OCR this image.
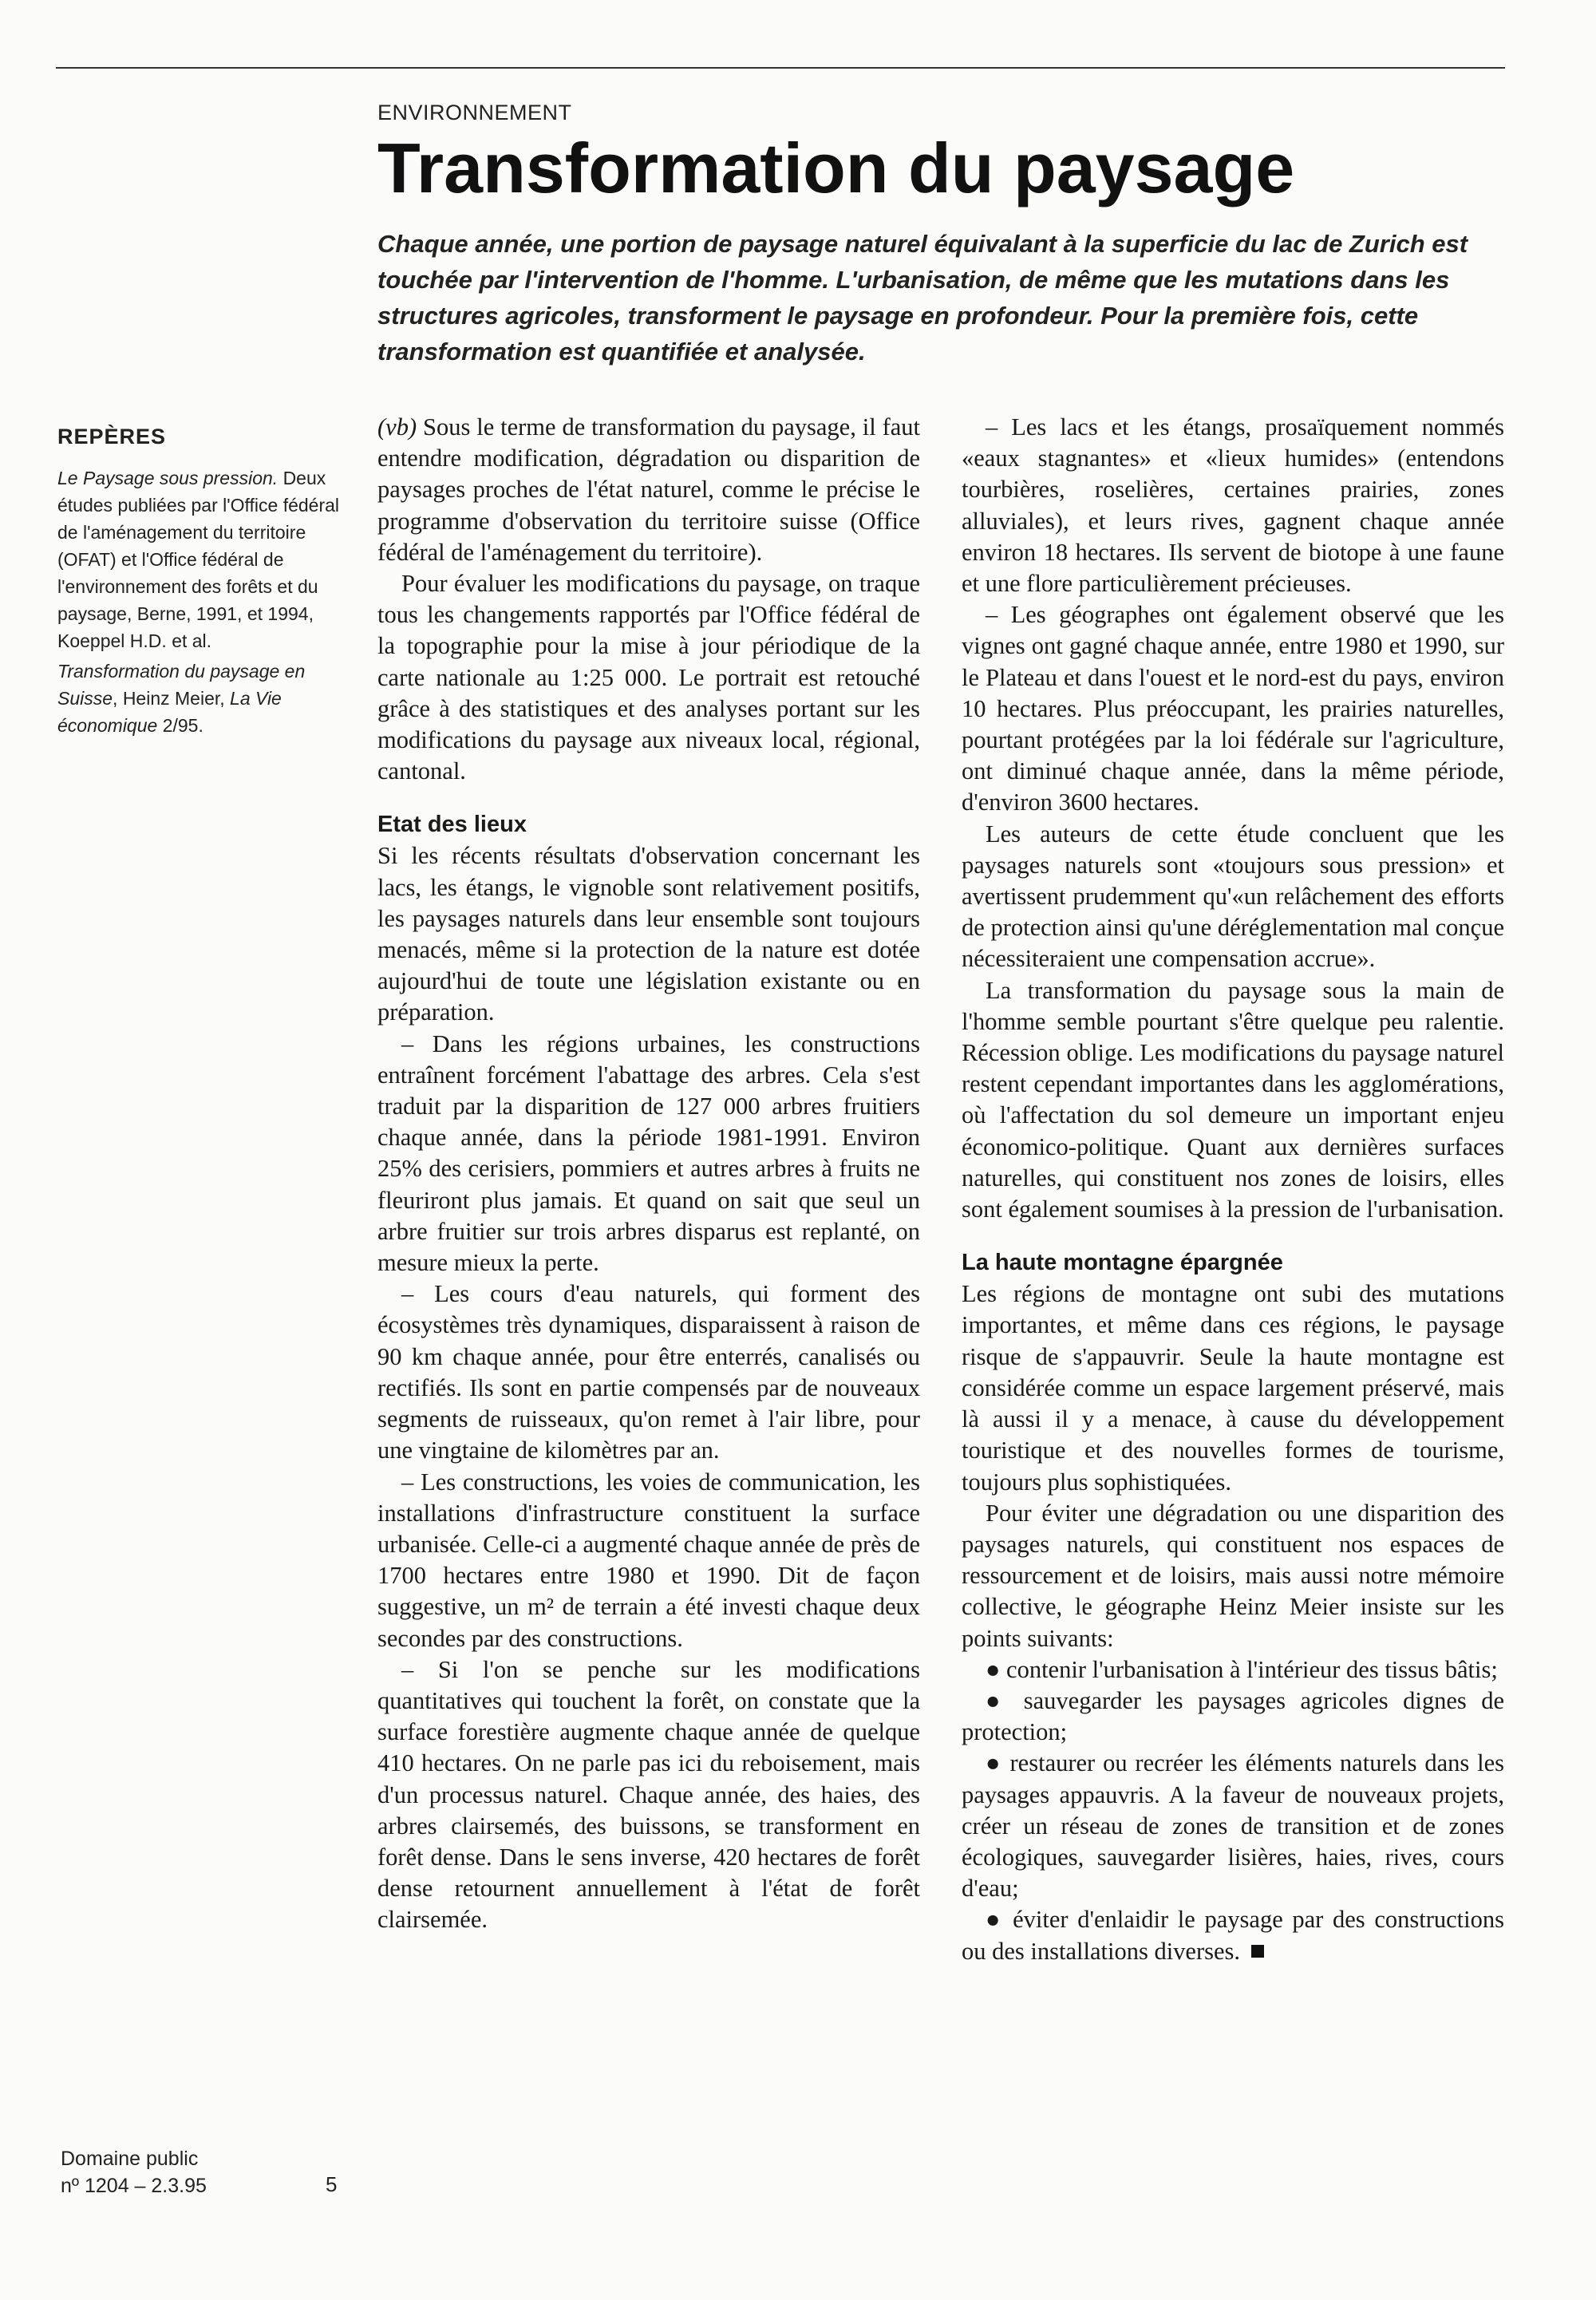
ENVIRONNEMENT
Transformation du paysage
Chaque année, une portion de paysage naturel équivalant à la superficie du lac de Zurich est touchée par l'intervention de l'homme. L'urbanisation, de même que les mutations dans les structures agricoles, transforment le paysage en profondeur. Pour la première fois, cette transformation est quantifiée et analysée.
REPÈRES

Le Paysage sous pression. Deux études publiées par l'Office fédéral de l'aménagement du territoire (OFAT) et l'Office fédéral de l'environnement des forêts et du paysage, Berne, 1991, et 1994, Koeppel H.D. et al.

Transformation du paysage en Suisse, Heinz Meier, La Vie économique 2/95.

(vb) Sous le terme de transformation du paysage, il faut entendre modification, dégradation ou disparition de paysages proches de l'état naturel, comme le précise le programme d'observation du territoire suisse (Office fédéral de l'aménagement du territoire).

Pour évaluer les modifications du paysage, on traque tous les changements rapportés par l'Office fédéral de la topographie pour la mise à jour périodique de la carte nationale au 1:25 000. Le portrait est retouché grâce à des statistiques et des analyses portant sur les modifications du paysage aux niveaux local, régional, cantonal.

Etat des lieux

Si les récents résultats d'observation concernant les lacs, les étangs, le vignoble sont relativement positifs, les paysages naturels dans leur ensemble sont toujours menacés, même si la protection de la nature est dotée aujourd'hui de toute une législation existante ou en préparation.

– Dans les régions urbaines, les constructions entraînent forcément l'abattage des arbres. Cela s'est traduit par la disparition de 127 000 arbres fruitiers chaque année, dans la période 1981-1991. Environ 25% des cerisiers, pommiers et autres arbres à fruits ne fleuriront plus jamais. Et quand on sait que seul un arbre fruitier sur trois arbres disparus est replanté, on mesure mieux la perte.

– Les cours d'eau naturels, qui forment des écosystèmes très dynamiques, disparaissent à raison de 90 km chaque année, pour être enterrés, canalisés ou rectifiés. Ils sont en partie compensés par de nouveaux segments de ruisseaux, qu'on remet à l'air libre, pour une vingtaine de kilomètres par an.

– Les constructions, les voies de communication, les installations d'infrastructure constituent la surface urbanisée. Celle-ci a augmenté chaque année de près de 1700 hectares entre 1980 et 1990. Dit de façon suggestive, un m² de terrain a été investi chaque deux secondes par des constructions.

– Si l'on se penche sur les modifications quantitatives qui touchent la forêt, on constate que la surface forestière augmente chaque année de quelque 410 hectares. On ne parle pas ici du reboisement, mais d'un processus naturel. Chaque année, des haies, des arbres clairsemés, des buissons, se transforment en forêt dense. Dans le sens inverse, 420 hectares de forêt dense retournent annuellement à l'état de forêt clairsemée.

– Les lacs et les étangs, prosaïquement nommés «eaux stagnantes» et «lieux humides» (entendons tourbières, roselières, certaines prairies, zones alluviales), et leurs rives, gagnent chaque année environ 18 hectares. Ils servent de biotope à une faune et une flore particulièrement précieuses.

– Les géographes ont également observé que les vignes ont gagné chaque année, entre 1980 et 1990, sur le Plateau et dans l'ouest et le nord-est du pays, environ 10 hectares. Plus préoccupant, les prairies naturelles, pourtant protégées par la loi fédérale sur l'agriculture, ont diminué chaque année, dans la même période, d'environ 3600 hectares.

Les auteurs de cette étude concluent que les paysages naturels sont «toujours sous pression» et avertissent prudemment qu'«un relâchement des efforts de protection ainsi qu'une déréglementation mal conçue nécessiteraient une compensation accrue».

La transformation du paysage sous la main de l'homme semble pourtant s'être quelque peu ralentie. Récession oblige. Les modifications du paysage naturel restent cependant importantes dans les agglomérations, où l'affectation du sol demeure un important enjeu économico-politique. Quant aux dernières surfaces naturelles, qui constituent nos zones de loisirs, elles sont également soumises à la pression de l'urbanisation.

La haute montagne épargnée

Les régions de montagne ont subi des mutations importantes, et même dans ces régions, le paysage risque de s'appauvrir. Seule la haute montagne est considérée comme un espace largement préservé, mais là aussi il y a menace, à cause du développement touristique et des nouvelles formes de tourisme, toujours plus sophistiquées.

Pour éviter une dégradation ou une disparition des paysages naturels, qui constituent nos espaces de ressourcement et de loisirs, mais aussi notre mémoire collective, le géographe Heinz Meier insiste sur les points suivants:

● contenir l'urbanisation à l'intérieur des tissus bâtis;

● sauvegarder les paysages agricoles dignes de protection;

● restaurer ou recréer les éléments naturels dans les paysages appauvris. A la faveur de nouveaux projets, créer un réseau de zones de transition et de zones écologiques, sauvegarder lisières, haies, rives, cours d'eau;

● éviter d'enlaidir le paysage par des constructions ou des installations diverses.

Domaine public
nº 1204 – 2.3.95	5
